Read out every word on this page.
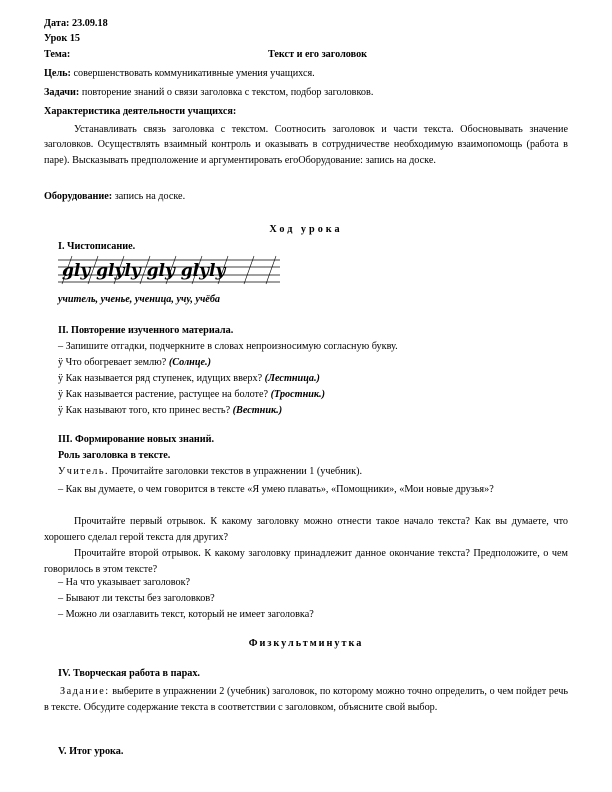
Дата: 23.09.18
Урок 15
Тема:	Текст и его заголовок
Цель: совершенствовать коммуникативные умения учащихся.
Задачи: повторение знаний о связи заголовка с текстом, подбор заголовков.
Характеристика деятельности учащихся:
Устанавливать связь заголовка с текстом. Соотносить заголовок и части текста. Обосновывать значение заголовков. Осуществлять взаимный контроль и оказывать в сотрудничестве необходимую взаимопомощь (работа в паре). Высказывать предположение и аргументировать егоОборудование: запись на доске.
Оборудование: запись на доске.
Ход урока
I. Чистописание.
gly glyly gly glyly
учитель, ученье, ученица, учу, учёба
II. Повторение изученного материала.
– Запишите отгадки, подчеркните в словах непроизносимую согласную букву.
ÿ Что обогревает землю? (Солнце.)
ÿ Как называется ряд ступенек, идущих вверх? (Лестница.)
ÿ Как называется растение, растущее на болоте? (Тростник.)
ÿ Как называют того, кто принес весть? (Вестник.)
III. Формирование новых знаний.
Роль заголовка в тексте.
Учитель. Прочитайте заголовки текстов в упражнении 1 (учебник).
– Как вы думаете, о чем говорится в тексте «Я умею плавать», «Помощники», «Мои новые друзья»?
Прочитайте первый отрывок. К какому заголовку можно отнести такое начало текста? Как вы думаете, что хорошего сделал герой текста для других?
Прочитайте второй отрывок. К какому заголовку принадлежит данное окончание текста? Предположите, о чем говорилось в этом тексте?
– На что указывает заголовок?
– Бывают ли тексты без заголовков?
– Можно ли озаглавить текст, который не имеет заголовка?
Физкультминутка
IV. Творческая работа в парах.
Задание: выберите в упражнении 2 (учебник) заголовок, по которому можно точно определить, о чем пойдет речь в тексте. Обсудите содержание текста в соответствии с заголовком, объясните свой выбор.
V. Итог урока.
